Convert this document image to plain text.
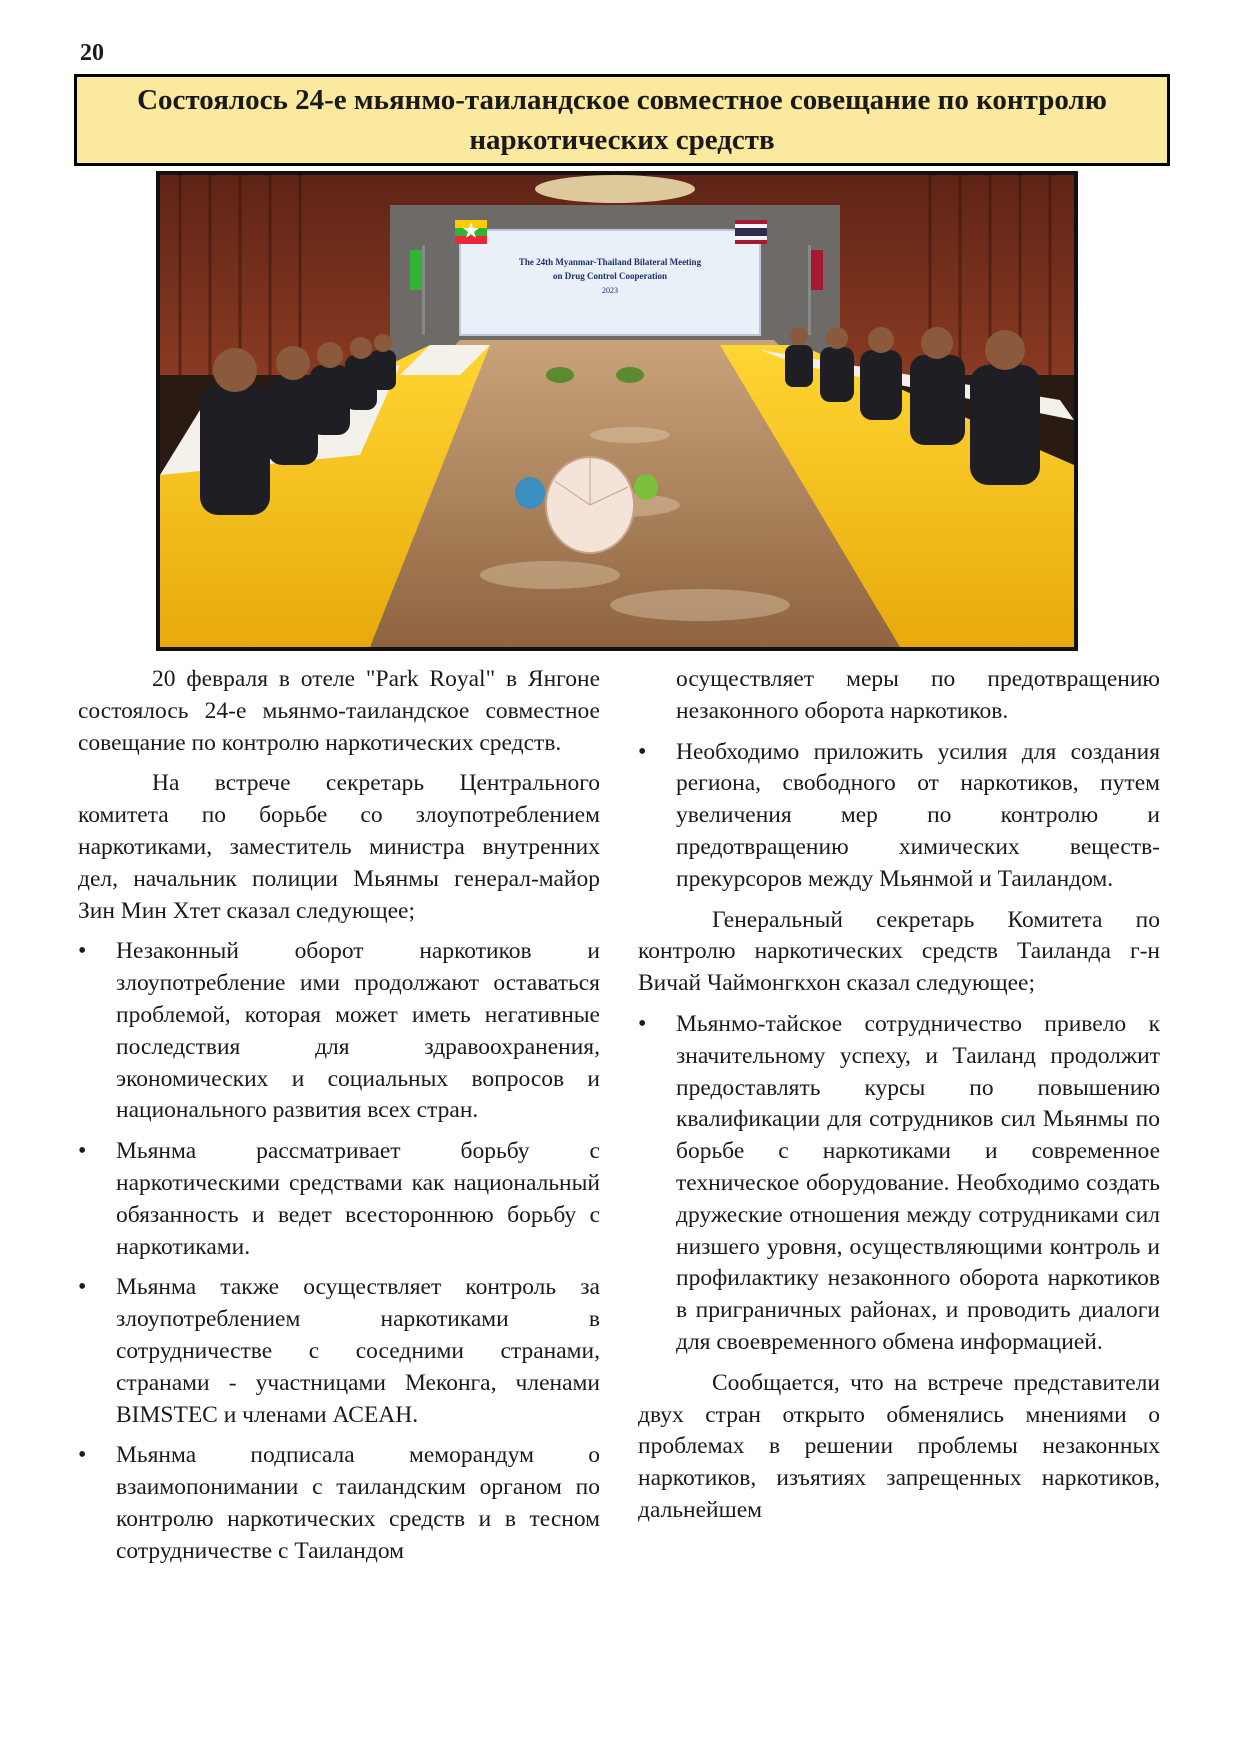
20
Состоялось 24-е мьянмо-таиландское совместное совещание по контролю наркотических средств
The 24th Myanmar-Thailand Bilateral Meeting
on Drug Control Cooperation
2023

20 февраля в отеле "Park Royal" в Янгоне состоялось 24-е мьянмо-таиландское совместное совещание по контролю наркотических средств.

На встрече секретарь Центрального комитета по борьбе со злоупотреблением наркотиками, заместитель министра внутренних дел, начальник полиции Мьянмы генерал-майор Зин Мин Хтет сказал следующее;

• Незаконный оборот наркотиков и злоупотребление ими продолжают оставаться проблемой, которая может иметь негативные последствия для здравоохранения, экономических и социальных вопросов и национального развития всех стран.
• Мьянма рассматривает борьбу с наркотическими средствами как национальный обязанность и ведет всестороннюю борьбу с наркотиками.
• Мьянма также осуществляет контроль за злоупотреблением наркотиками в сотрудничестве с соседними странами, странами - участницами Меконга, членами BIMSTEC и членами АСЕАН.
• Мьянма подписала меморандум о взаимопонимании с таиландским органом по контролю наркотических средств и в тесном сотрудничестве с Таиландом

осуществляет меры по предотвращению незаконного оборота наркотиков.

• Необходимо приложить усилия для создания региона, свободного от наркотиков, путем увеличения мер по контролю и предотвращению химических веществ-прекурсоров между Мьянмой и Таиландом.

Генеральный секретарь Комитета по контролю наркотических средств Таиланда г-н Вичай Чаймонгкхон сказал следующее;

• Мьянмо-тайское сотрудничество привело к значительному успеху, и Таиланд продолжит предоставлять курсы по повышению квалификации для сотрудников сил Мьянмы по борьбе с наркотиками и современное техническое оборудование. Необходимо создать дружеские отношения между сотрудниками сил низшего уровня, осуществляющими контроль и профилактику незаконного оборота наркотиков в приграничных районах, и проводить диалоги для своевременного обмена информацией.

Сообщается, что на встрече представители двух стран открыто обменялись мнениями о проблемах в решении проблемы незаконных наркотиков, изъятиях запрещенных наркотиков, дальнейшем
